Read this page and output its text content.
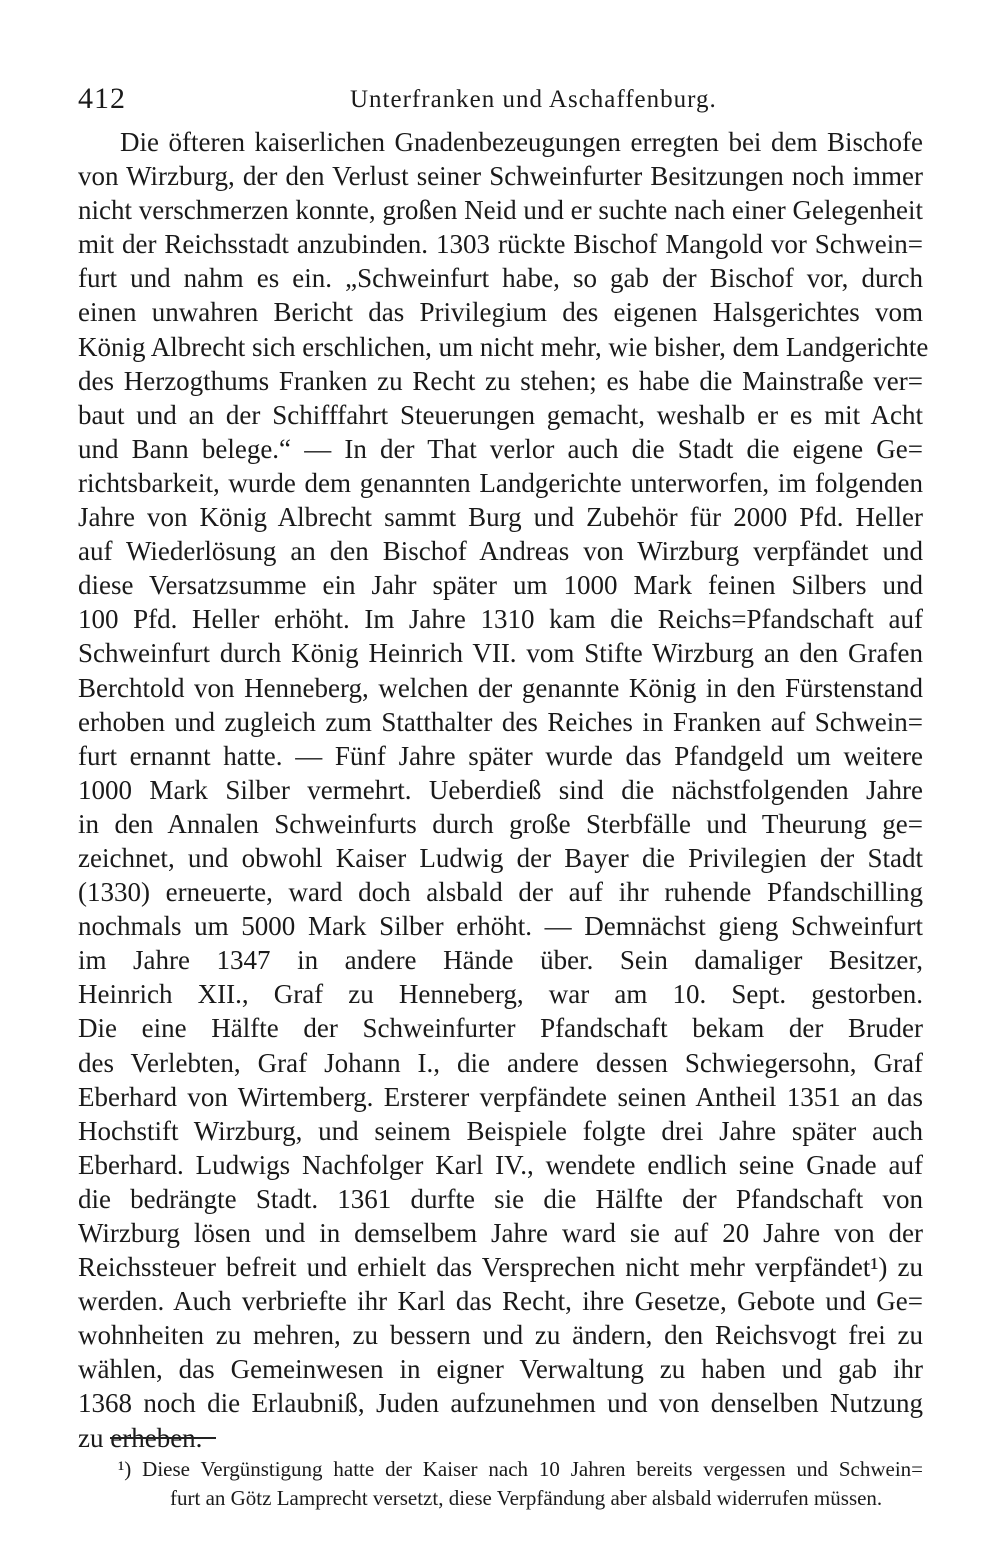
412	Unterfranken und Aschaffenburg.
Die öfteren kaiserlichen Gnadenbezeugungen erregten bei dem Bischofe
von Wirzburg, der den Verlust seiner Schweinfurter Besitzungen noch immer
nicht verschmerzen konnte, großen Neid und er suchte nach einer Gelegenheit
mit der Reichsstadt anzubinden. 1303 rückte Bischof Mangold vor Schwein=
furt und nahm es ein. „Schweinfurt habe, so gab der Bischof vor, durch
einen unwahren Bericht das Privilegium des eigenen Halsgerichtes vom
König Albrecht sich erschlichen, um nicht mehr, wie bisher, dem Landgerichte
des Herzogthums Franken zu Recht zu stehen; es habe die Mainstraße ver=
baut und an der Schifffahrt Steuerungen gemacht, weshalb er es mit Acht
und Bann belege.“ — In der That verlor auch die Stadt die eigene Ge=
richtsbarkeit, wurde dem genannten Landgerichte unterworfen, im folgenden
Jahre von König Albrecht sammt Burg und Zubehör für 2000 Pfd. Heller
auf Wiederlösung an den Bischof Andreas von Wirzburg verpfändet und
diese Versatzsumme ein Jahr später um 1000 Mark feinen Silbers und
100 Pfd. Heller erhöht. Im Jahre 1310 kam die Reichs=Pfandschaft auf
Schweinfurt durch König Heinrich VII. vom Stifte Wirzburg an den Grafen
Berchtold von Henneberg, welchen der genannte König in den Fürstenstand
erhoben und zugleich zum Statthalter des Reiches in Franken auf Schwein=
furt ernannt hatte. — Fünf Jahre später wurde das Pfandgeld um weitere
1000 Mark Silber vermehrt. Ueberdieß sind die nächstfolgenden Jahre
in den Annalen Schweinfurts durch große Sterbfälle und Theurung ge=
zeichnet, und obwohl Kaiser Ludwig der Bayer die Privilegien der Stadt
(1330) erneuerte, ward doch alsbald der auf ihr ruhende Pfandschilling
nochmals um 5000 Mark Silber erhöht. — Demnächst gieng Schweinfurt
im Jahre 1347 in andere Hände über. Sein damaliger Besitzer,
Heinrich XII., Graf zu Henneberg, war am 10. Sept. gestorben.
Die eine Hälfte der Schweinfurter Pfandschaft bekam der Bruder
des Verlebten, Graf Johann I., die andere dessen Schwiegersohn, Graf
Eberhard von Wirtemberg. Ersterer verpfändete seinen Antheil 1351 an das
Hochstift Wirzburg, und seinem Beispiele folgte drei Jahre später auch
Eberhard. Ludwigs Nachfolger Karl IV., wendete endlich seine Gnade auf
die bedrängte Stadt. 1361 durfte sie die Hälfte der Pfandschaft von
Wirzburg lösen und in demselbem Jahre ward sie auf 20 Jahre von der
Reichssteuer befreit und erhielt das Versprechen nicht mehr verpfändet¹) zu
werden. Auch verbriefte ihr Karl das Recht, ihre Gesetze, Gebote und Ge=
wohnheiten zu mehren, zu bessern und zu ändern, den Reichsvogt frei zu
wählen, das Gemeinwesen in eigner Verwaltung zu haben und gab ihr
1368 noch die Erlaubniß, Juden aufzunehmen und von denselben Nutzung
zu erheben.
¹) Diese Vergünstigung hatte der Kaiser nach 10 Jahren bereits vergessen und Schwein=
furt an Götz Lamprecht versetzt, diese Verpfändung aber alsbald widerrufen müssen.
